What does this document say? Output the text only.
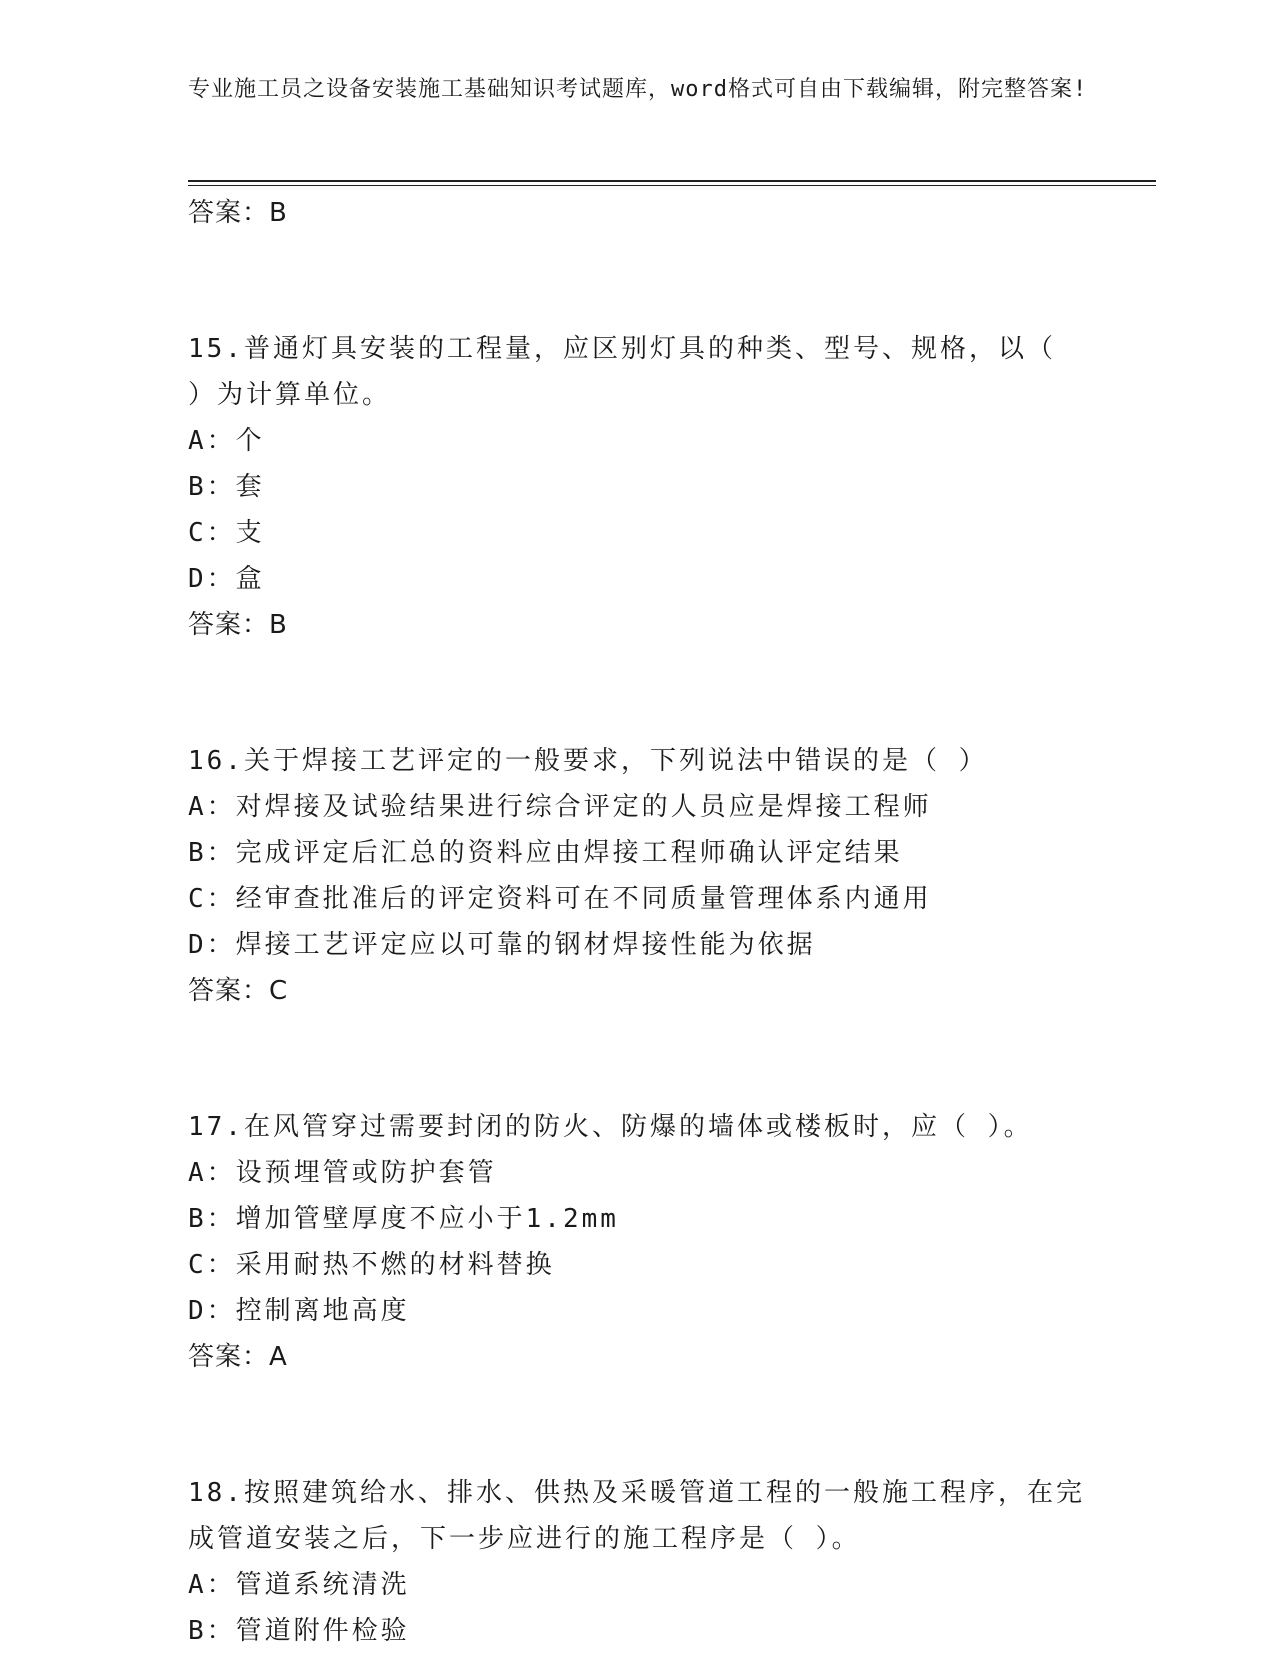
专业施工员之设备安装施工基础知识考试题库，word格式可自由下载编辑，附完整答案!
答案：B
15.普通灯具安装的工程量，应区别灯具的种类、型号、规格，以（ ）为计算单位。
A：个
B：套
C：支
D：盒
答案：B
16.关于焊接工艺评定的一般要求，下列说法中错误的是（ ）
A：对焊接及试验结果进行综合评定的人员应是焊接工程师
B：完成评定后汇总的资料应由焊接工程师确认评定结果
C：经审查批准后的评定资料可在不同质量管理体系内通用
D：焊接工艺评定应以可靠的钢材焊接性能为依据
答案：C
17.在风管穿过需要封闭的防火、防爆的墙体或楼板时，应（ ）。
A：设预埋管或防护套管
B：增加管壁厚度不应小于1.2mm
C：采用耐热不燃的材料替换
D：控制离地高度
答案：A
18.按照建筑给水、排水、供热及采暖管道工程的一般施工程序，在完成管道安装之后，下一步应进行的施工程序是（ ）。
A：管道系统清洗
B：管道附件检验
